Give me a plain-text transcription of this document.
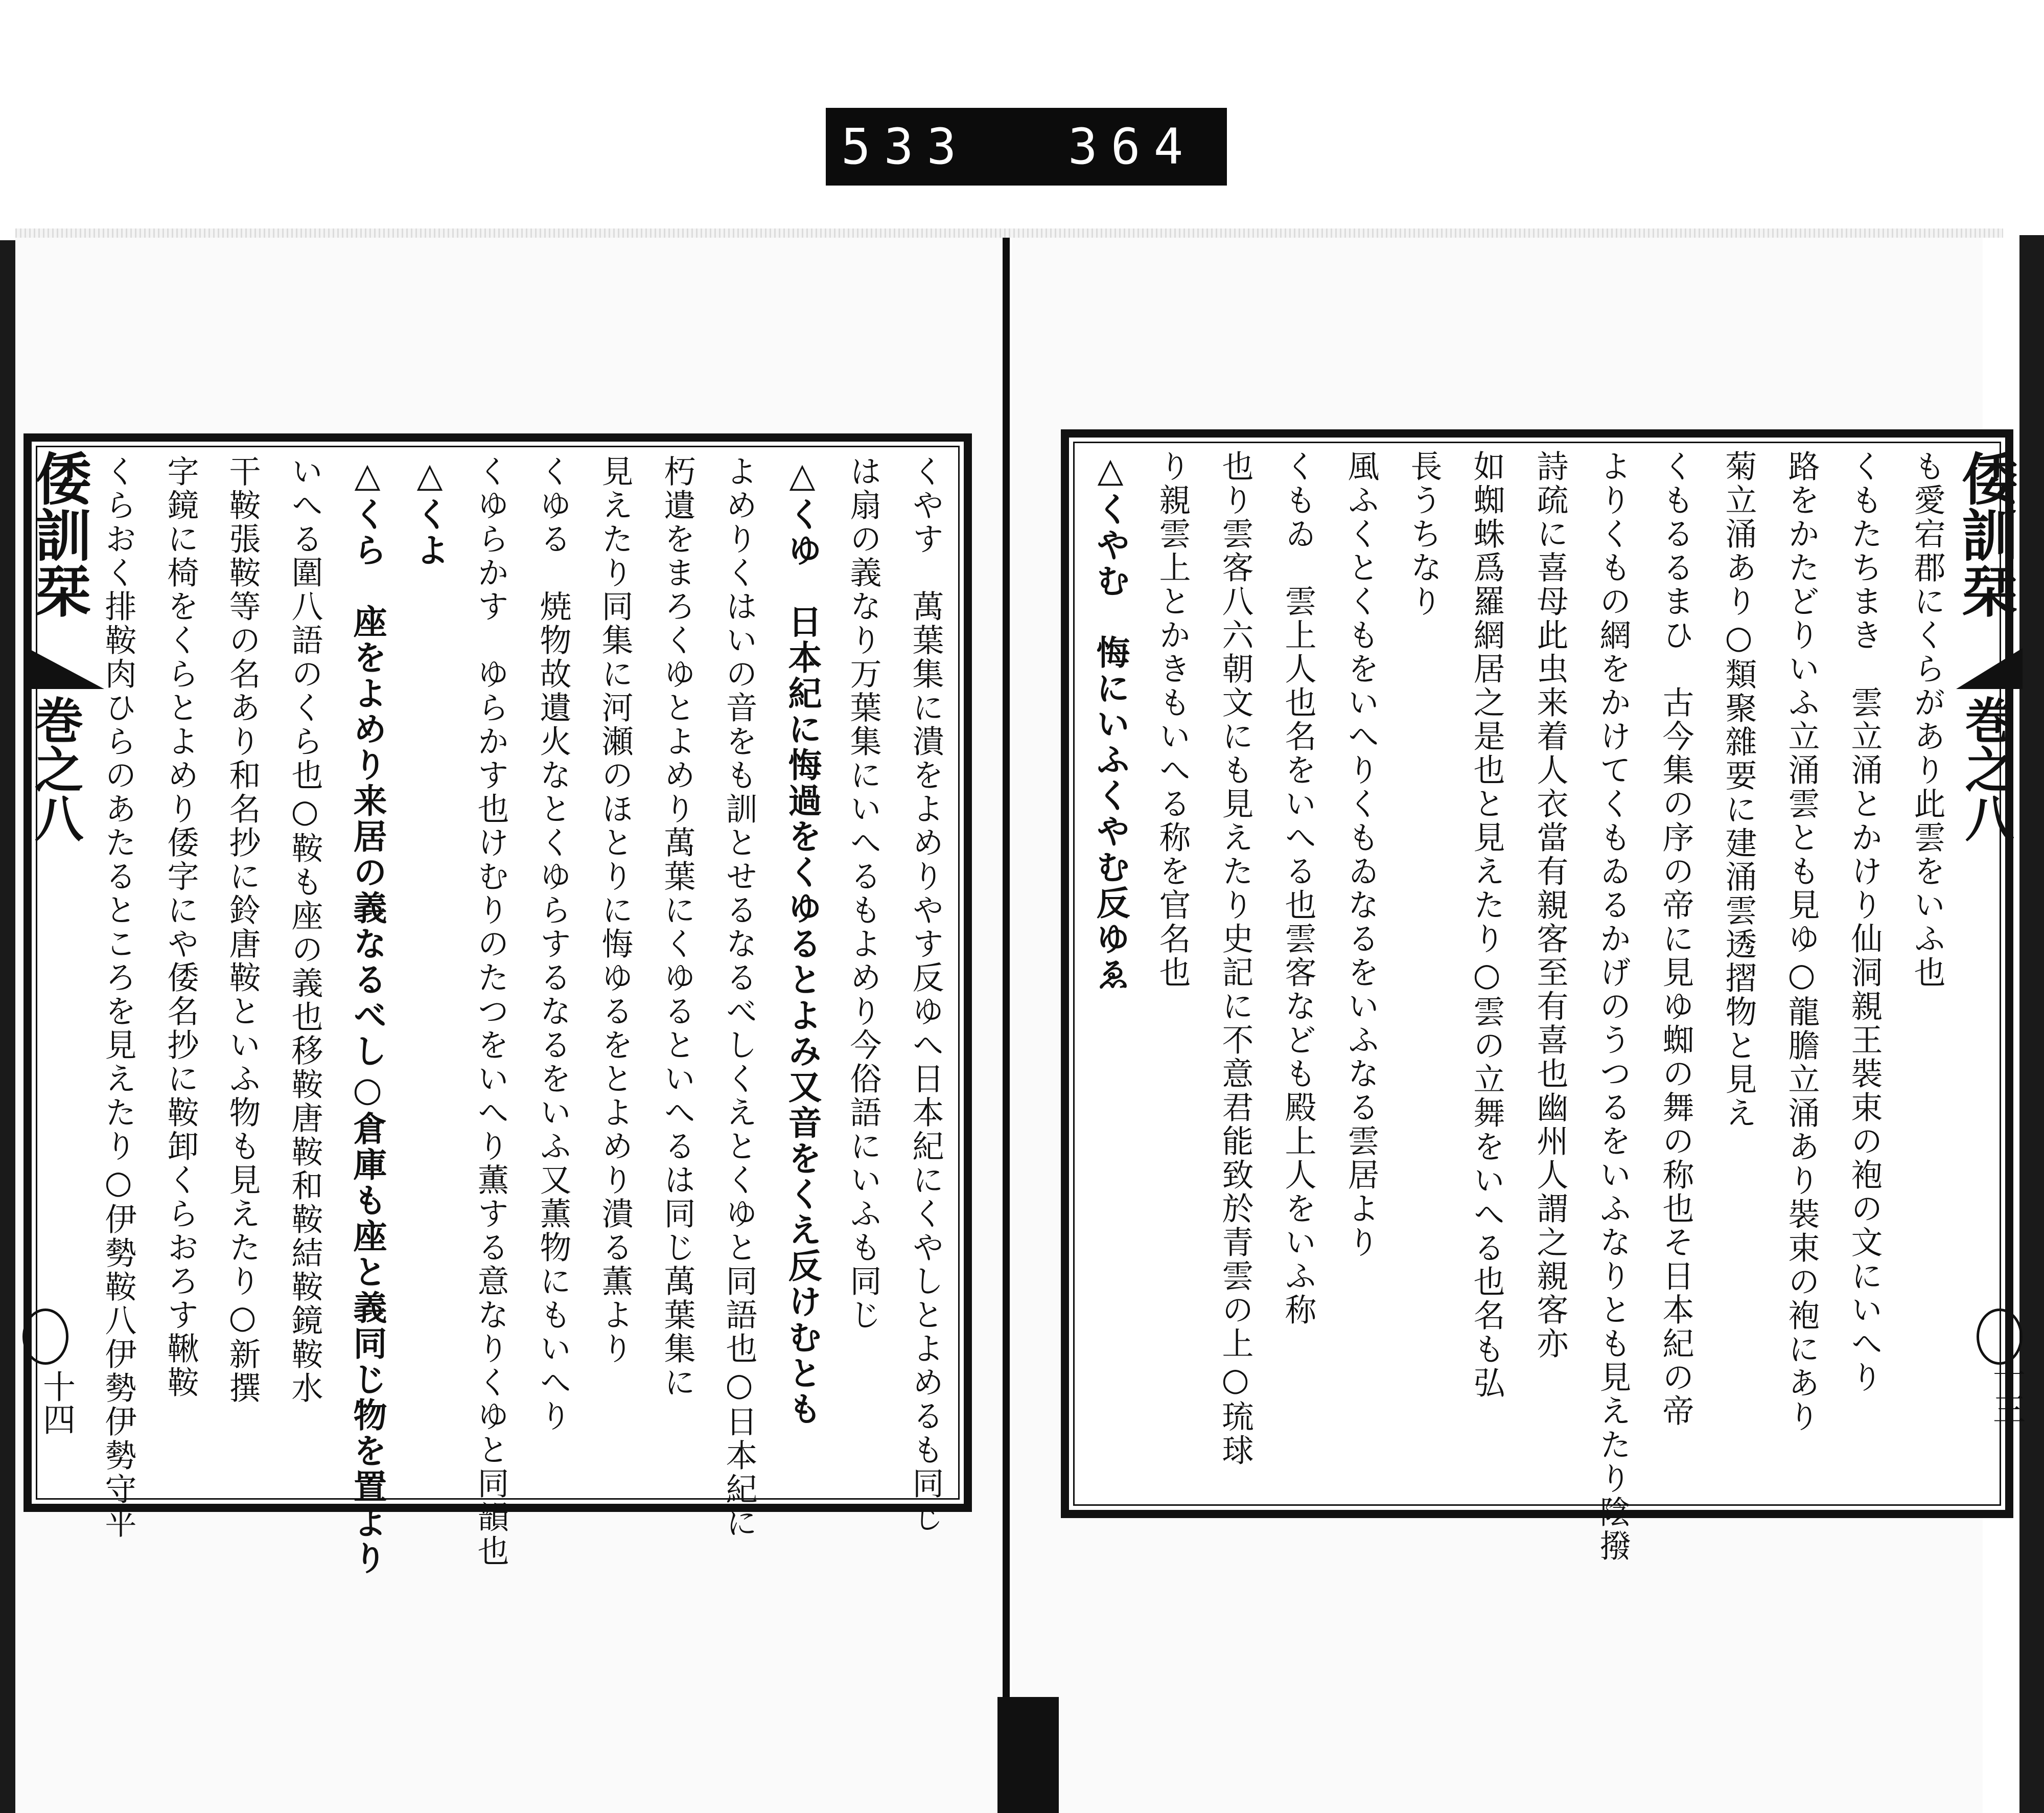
533 364
倭訓栞
巻之八
十四	くやす　萬葉集に潰をよめりやす反ゆへ日本紀にくやしとよめるも同じ
は扇の義なり万葉集にいへるもよめり今俗語にいふも同じ
△くゆ　日本紀に悔過をくゆるとよみ又音をくえ反けむとも
よめりくはいの音をも訓とせるなるべしくえとくゆと同語也○日本紀に
朽遺をまろくゆとよめり萬葉にくゆるといへるは同じ萬葉集に
見えたり同集に河瀬のほとりに悔ゆるをとよめり潰る薫より
くゆる　焼物故遺火なとくゆらするなるをいふ又薫物にもいへり
くゆらかす　ゆらかす也けむりのたつをいへり薫する意なりくゆと同韻也
△くよ
△くら　座をよめり来居の義なるべし○倉庫も座と義同じ物を置より
いへる圍八語のくら也○鞍も座の義也移鞍唐鞍和鞍結鞍鏡鞍水
干鞍張鞍等の名あり和名抄に鈴唐鞍といふ物も見えたり○新撰
字鏡に椅をくらとよめり倭字にや倭名抄に鞍卸くらおろす鞦鞍
くらおく排鞍肉ひらのあたるところを見えたり○伊勢鞍八伊勢伊勢守平	倭訓栞
巻之八
十三
も愛宕郡にくらがあり此雲をいふ也
くもたちまき　雲立涌とかけり仙洞親王裝束の袍の文にいへり
路をかたどりいふ立涌雲とも見ゆ○龍膽立涌あり裝束の袍にあり
菊立涌あり○類聚雜要に建涌雲透摺物と見え
くもるるまひ　古今集の序の帝に見ゆ蜘の舞の称也そ日本紀の帝
よりくもの網をかけてくもゐるかげのうつるをいふなりとも見えたり陰撥
詩疏に喜母此虫来着人衣當有親客至有喜也幽州人謂之親客亦
如蜘蛛爲羅網居之是也と見えたり○雲の立舞をいへる也名も弘
長うちなり
風ふくとくもをいへりくもゐなるをいふなる雲居より
くもゐ　雲上人也名をいへる也雲客なども殿上人をいふ称
也り雲客八六朝文にも見えたり史記に不意君能致於青雲の上○琉球
り親雲上とかきもいへる称を官名也
△くやむ　悔にいふくやむ反ゆゑ
